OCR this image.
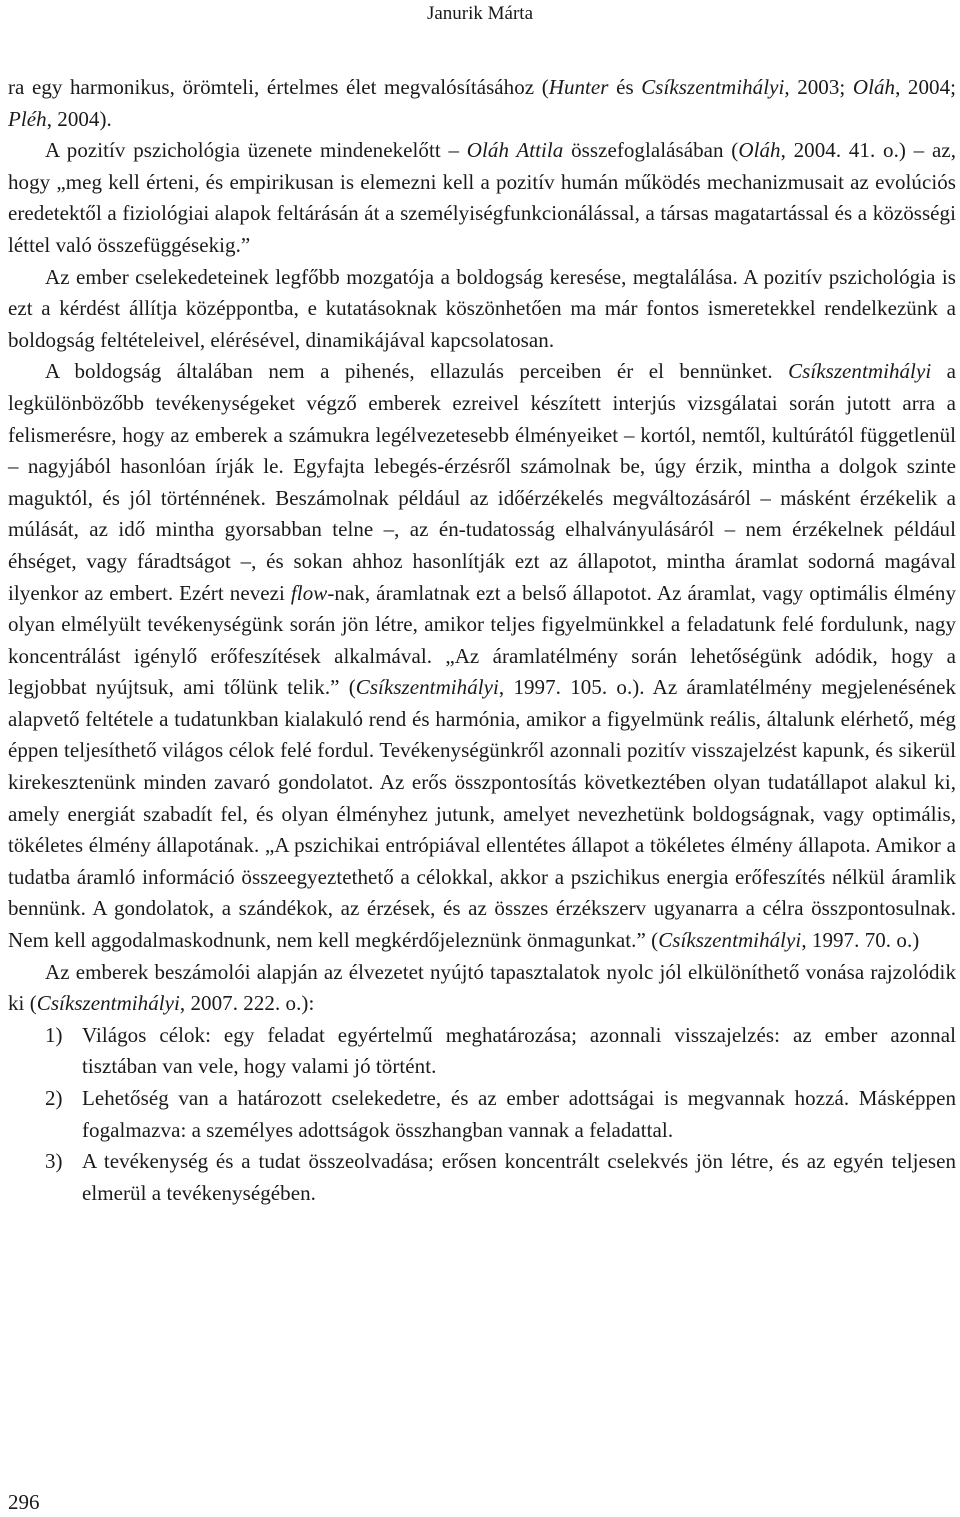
Janurik Márta

ra egy harmonikus, örömteli, értelmes élet megvalósításához (Hunter és Csíkszentmihályi, 2003; Oláh, 2004; Pléh, 2004).

A pozitív pszichológia üzenete mindenekelőtt – Oláh Attila összefoglalásában (Oláh, 2004. 41. o.) – az, hogy „meg kell érteni, és empirikusan is elemezni kell a pozitív humán működés mechanizmusait az evolúciós eredetektől a fiziológiai alapok feltárásán át a személyiségfunkcionálással, a társas magatartással és a közösségi léttel való összefüggésekig.”

Az ember cselekedeteinek legfőbb mozgatója a boldogság keresése, megtalálása. A pozitív pszichológia is ezt a kérdést állítja középpontba, e kutatásoknak köszönhetően ma már fontos ismeretekkel rendelkezünk a boldogság feltételeivel, elérésével, dinamikájával kapcsolatosan.

A boldogság általában nem a pihenés, ellazulás perceiben ér el bennünket. Csíkszentmihályi a legkülönbözőbb tevékenységeket végző emberek ezreivel készített interjús vizsgálatai során jutott arra a felismerésre, hogy az emberek a számukra legélvezetesebb élményeiket – kortól, nemtől, kultúrától függetlenül – nagyjából hasonlóan írják le. Egyfajta lebegés-érzésről számolnak be, úgy érzik, mintha a dolgok szinte maguktól, és jól történnének. Beszámolnak például az időérzékelés megváltozásáról – másként érzékelik a múlását, az idő mintha gyorsabban telne –, az én-tudatosság elhalványulásáról – nem érzékelnek például éhséget, vagy fáradtságot –, és sokan ahhoz hasonlítják ezt az állapotot, mintha áramlat sodorná magával ilyenkor az embert. Ezért nevezi flow-nak, áramlatnak ezt a belső állapotot. Az áramlat, vagy optimális élmény olyan elmélyült tevékenységünk során jön létre, amikor teljes figyelmünkkel a feladatunk felé fordulunk, nagy koncentrálást igénylő erőfeszítések alkalmával. „Az áramlatélmény során lehetőségünk adódik, hogy a legjobbat nyújtsuk, ami tőlünk telik.” (Csíkszentmihályi, 1997. 105. o.). Az áramlatélmény megjelenésének alapvető feltétele a tudatunkban kialakuló rend és harmónia, amikor a figyelmünk reális, általunk elérhető, még éppen teljesíthető világos célok felé fordul. Tevékenységünkről azonnali pozitív visszajelzést kapunk, és sikerül kirekesztenünk minden zavaró gondolatot. Az erős összpontosítás következtében olyan tudatállapot alakul ki, amely energiát szabadít fel, és olyan élményhez jutunk, amelyet nevezhetünk boldogságnak, vagy optimális, tökéletes élmény állapotának. „A pszichikai entrópiával ellentétes állapot a tökéletes élmény állapota. Amikor a tudatba áramló információ összeegyeztethető a célokkal, akkor a pszichikus energia erőfeszítés nélkül áramlik bennünk. A gondolatok, a szándékok, az érzések, és az összes érzékszerv ugyanarra a célra összpontosulnak. Nem kell aggodalmaskodnunk, nem kell megkérdőjeleznünk önmagunkat.” (Csíkszentmihályi, 1997. 70. o.)

Az emberek beszámolói alapján az élvezetet nyújtó tapasztalatok nyolc jól elkülöníthető vonása rajzolódik ki (Csíkszentmihályi, 2007. 222. o.):

1) Világos célok: egy feladat egyértelmű meghatározása; azonnali visszajelzés: az ember azonnal tisztában van vele, hogy valami jó történt.
2) Lehetőség van a határozott cselekedetre, és az ember adottságai is megvannak hozzá. Másképpen fogalmazva: a személyes adottságok összhangban vannak a feladattal.
3) A tevékenység és a tudat összeolvadása; erősen koncentrált cselekvés jön létre, és az egyén teljesen elmerül a tevékenységében.
296
